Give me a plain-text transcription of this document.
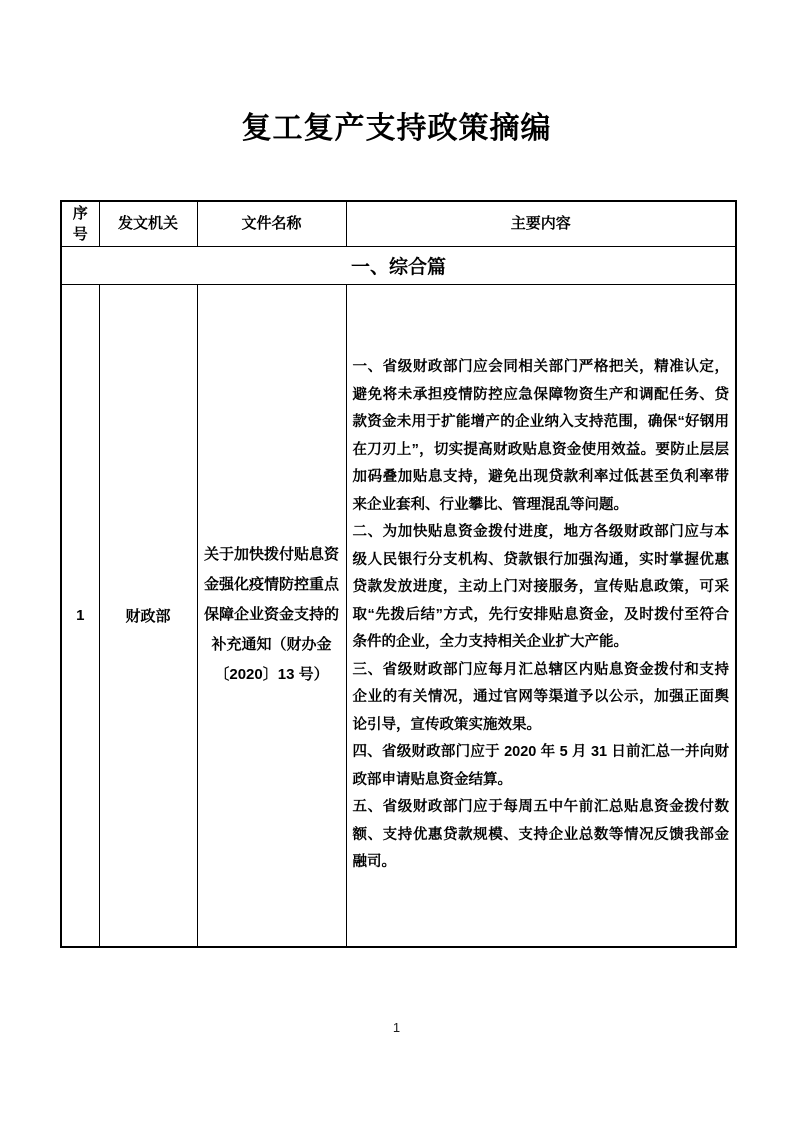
复工复产支持政策摘编
序号	发文机关	文件名称	主要内容
一、综合篇			
1	财政部	关于加快拨付贴息资金强化疫情防控重点保障企业资金支持的补充通知（财办金〔2020〕13 号）	一、省级财政部门应会同相关部门严格把关，精准认定，避免将未承担疫情防控应急保障物资生产和调配任务、贷款资金未用于扩能增产的企业纳入支持范围，确保“好钢用在刀刃上”，切实提高财政贴息资金使用效益。要防止层层加码叠加贴息支持，避免出现贷款利率过低甚至负利率带来企业套利、行业攀比、管理混乱等问题。

二、为加快贴息资金拨付进度，地方各级财政部门应与本级人民银行分支机构、贷款银行加强沟通，实时掌握优惠贷款发放进度，主动上门对接服务，宣传贴息政策，可采取“先拨后结”方式，先行安排贴息资金，及时拨付至符合条件的企业，全力支持相关企业扩大产能。

三、省级财政部门应每月汇总辖区内贴息资金拨付和支持企业的有关情况，通过官网等渠道予以公示，加强正面舆论引导，宣传政策实施效果。

四、省级财政部门应于 2020 年 5 月 31 日前汇总一并向财政部申请贴息资金结算。

五、省级财政部门应于每周五中午前汇总贴息资金拨付数额、支持优惠贷款规模、支持企业总数等情况反馈我部金融司。

1
